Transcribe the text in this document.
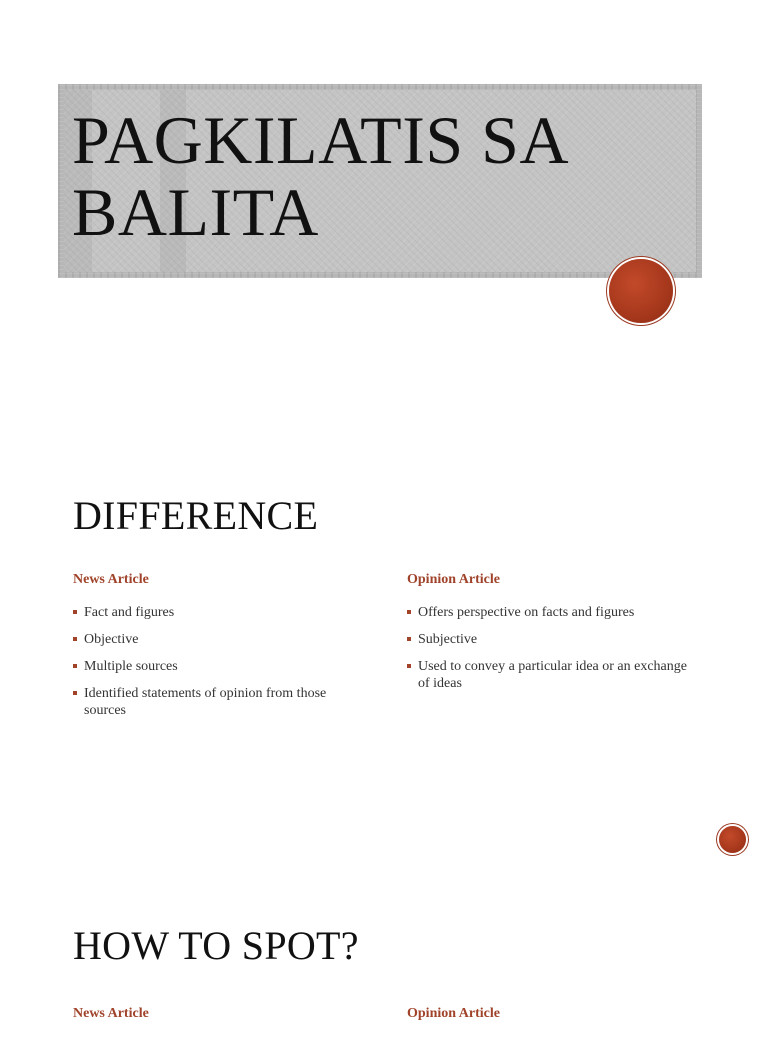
PAGKILATIS SA
BALITA
DIFFERENCE
News Article
Fact and figures
Objective
Multiple sources
Identified statements of opinion from those sources
Opinion Article
Offers perspective on facts and figures
Subjective
Used to convey a particular idea or an exchange of ideas
HOW TO SPOT?
News Article	Opinion Article
